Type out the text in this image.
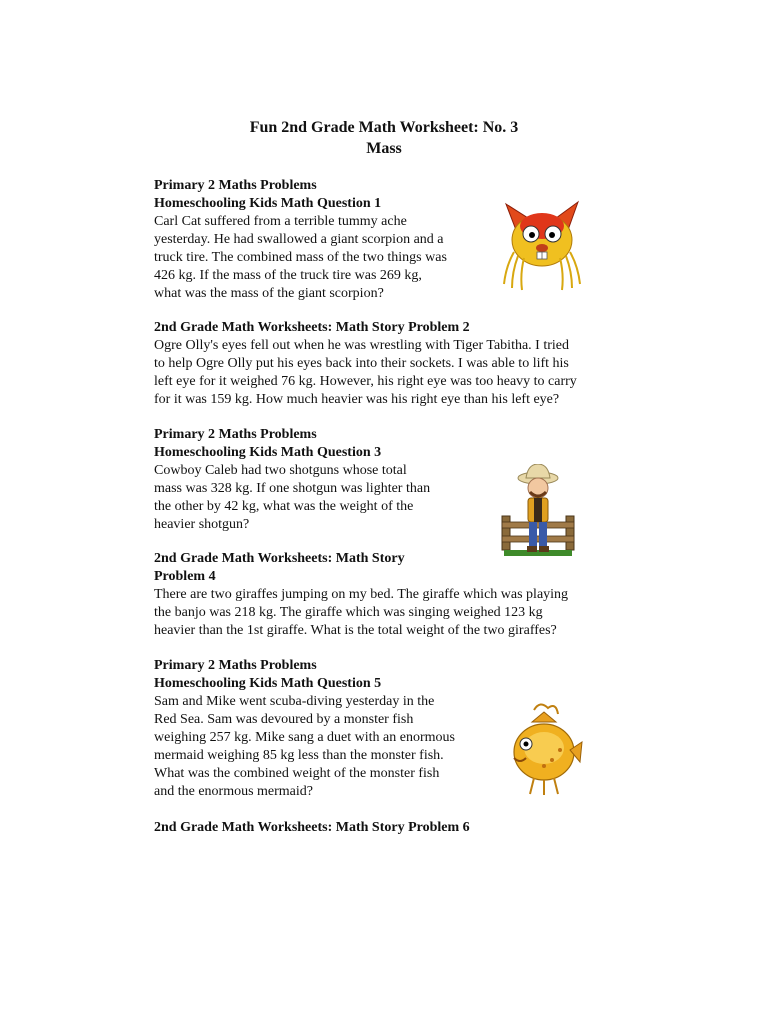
Fun 2nd Grade Math Worksheet: No. 3
Mass
Primary 2 Maths Problems
Homeschooling Kids Math Question 1

Carl Cat suffered from a terrible tummy ache

yesterday. He had swallowed a giant scorpion and a

truck tire. The combined mass of the two things was

426 kg. If the mass of the truck tire was 269 kg,

what was the mass of the giant scorpion?

2nd Grade Math Worksheets: Math Story Problem 2

Ogre Olly's eyes fell out when he was wrestling with Tiger Tabitha. I tried

to help Ogre Olly put his eyes back into their sockets. I was able to lift his

left eye for it weighed 76 kg. However, his right eye was too heavy to carry

for it was 159 kg. How much heavier was his right eye than his left eye?

Primary 2 Maths Problems
Homeschooling Kids Math Question 3

Cowboy Caleb had two shotguns whose total

mass was 328 kg. If one shotgun was lighter than

the other by 42 kg, what was the weight of the

heavier shotgun?

2nd Grade Math Worksheets: Math Story
Problem 4

There are two giraffes jumping on my bed. The giraffe which was playing

the banjo was 218 kg. The giraffe which was singing weighed 123 kg

heavier than the 1st giraffe. What is the total weight of the two giraffes?

Primary 2 Maths Problems
Homeschooling Kids Math Question 5

Sam and Mike went scuba-diving yesterday in the

Red Sea. Sam was devoured by a monster fish

weighing 257 kg. Mike sang a duet with an enormous

mermaid weighing 85 kg less than the monster fish.

What was the combined weight of the monster fish

and the enormous mermaid?

2nd Grade Math Worksheets: Math Story Problem 6
